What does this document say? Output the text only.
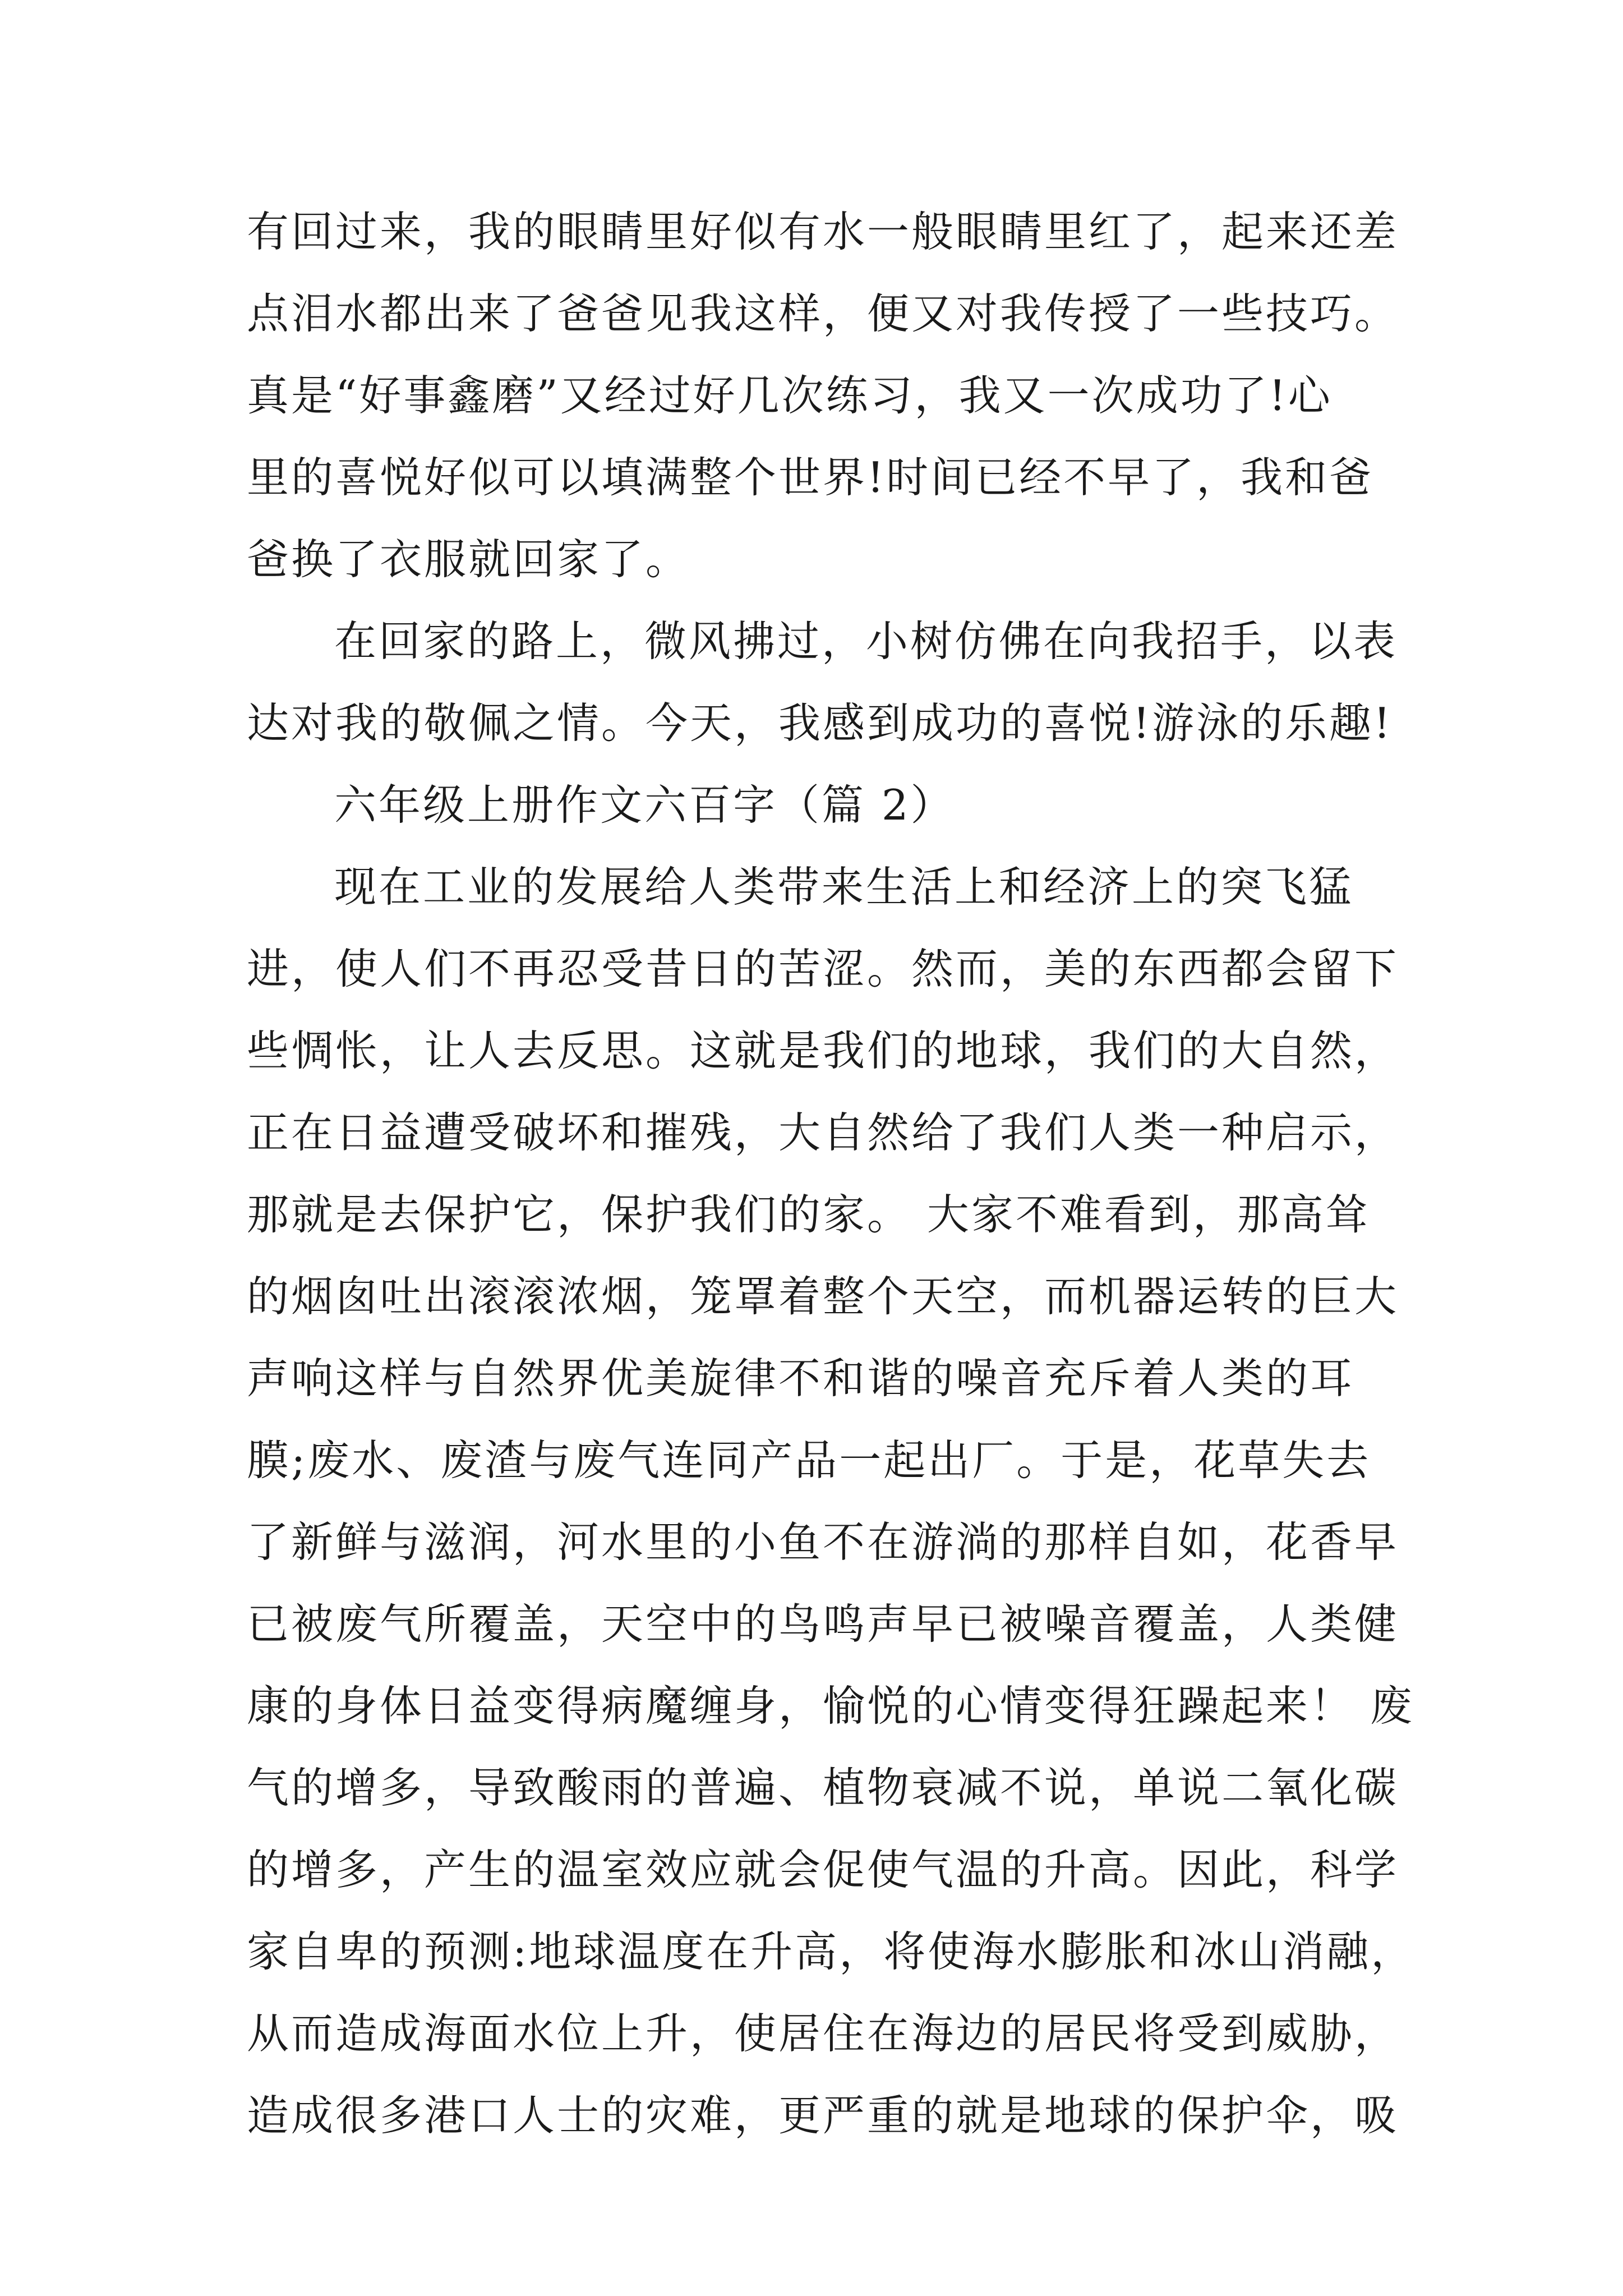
有回过来，我的眼睛里好似有水一般眼睛里红了，起来还差
点泪水都出来了爸爸见我这样，便又对我传授了一些技巧。
真是“好事鑫磨”又经过好几次练习，我又一次成功了!心
里的喜悦好似可以填满整个世界!时间已经不早了，我和爸
爸换了衣服就回家了。
在回家的路上，微风拂过，小树仿佛在向我招手，以表
达对我的敬佩之情。今天，我感到成功的喜悦!游泳的乐趣!
六年级上册作文六百字（篇 2）
现在工业的发展给人类带来生活上和经济上的突飞猛
进，使人们不再忍受昔日的苦涩。然而，美的东西都会留下
些惆怅，让人去反思。这就是我们的地球，我们的大自然，
正在日益遭受破坏和摧残，大自然给了我们人类一种启示，
那就是去保护它，保护我们的家。 大家不难看到，那高耸
的烟囱吐出滚滚浓烟，笼罩着整个天空，而机器运转的巨大
声响这样与自然界优美旋律不和谐的噪音充斥着人类的耳
膜;废水、废渣与废气连同产品一起出厂。于是，花草失去
了新鲜与滋润，河水里的小鱼不在游淌的那样自如，花香早
已被废气所覆盖，天空中的鸟鸣声早已被噪音覆盖，人类健
康的身体日益变得病魔缠身，愉悦的心情变得狂躁起来！ 废
气的增多，导致酸雨的普遍、植物衰减不说，单说二氧化碳
的增多，产生的温室效应就会促使气温的升高。因此，科学
家自卑的预测:地球温度在升高，将使海水膨胀和冰山消融，
从而造成海面水位上升，使居住在海边的居民将受到威胁，
造成很多港口人士的灾难，更严重的就是地球的保护伞，吸
